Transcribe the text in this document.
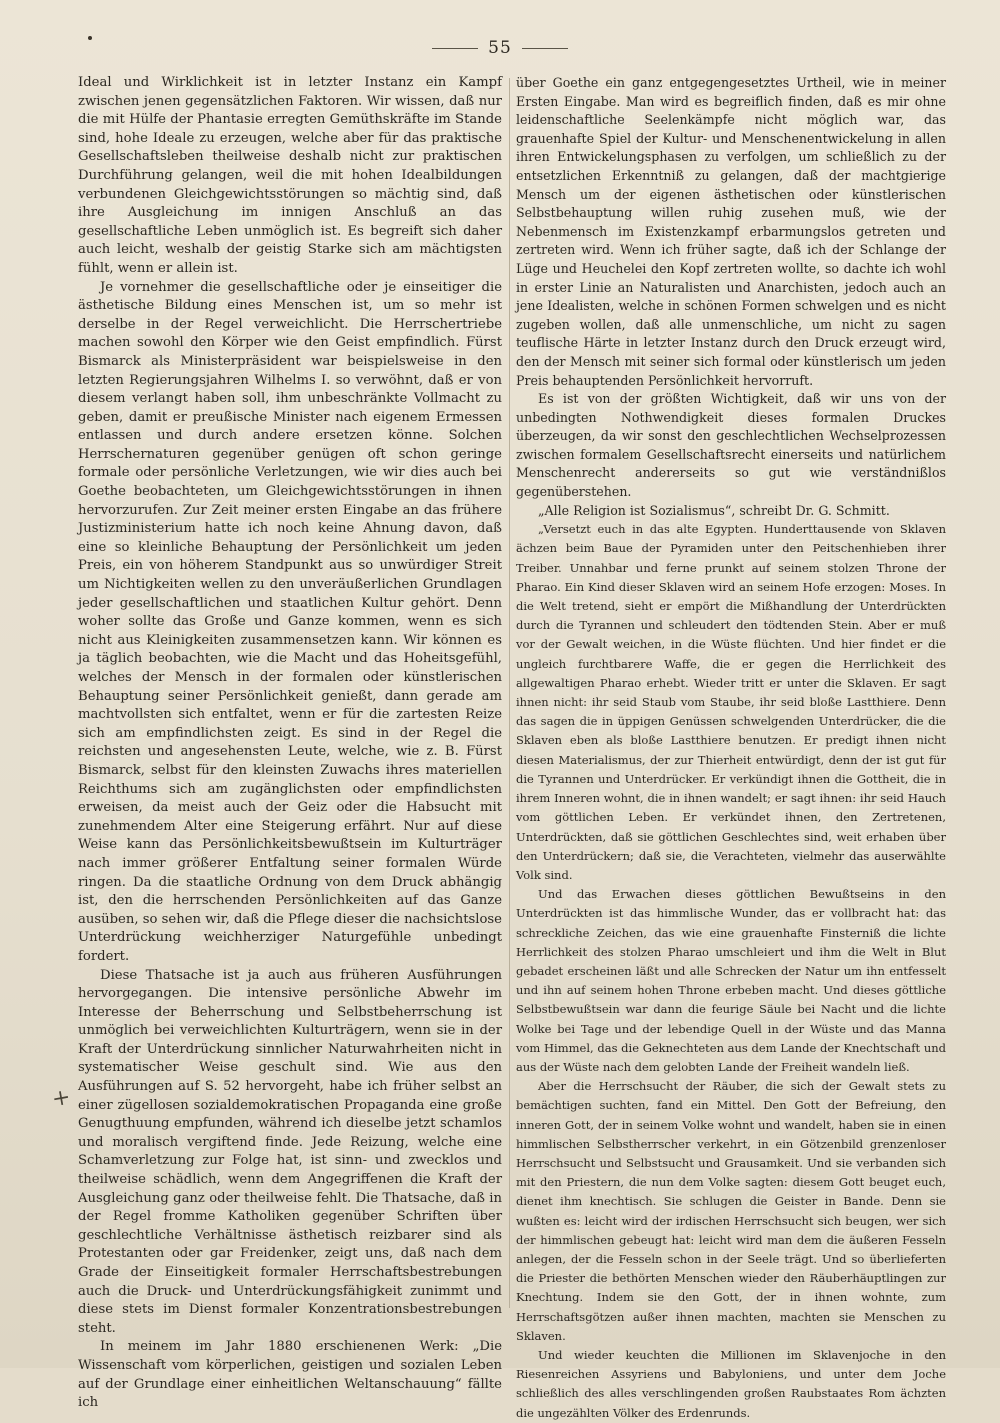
55
+

Ideal und Wirklichkeit ist in letzter Instanz ein Kampf zwischen jenen gegensätzlichen Faktoren. Wir wissen, daß nur die mit Hülfe der Phantasie erregten Gemüthskräfte im Stande sind, hohe Ideale zu erzeugen, welche aber für das praktische Gesellschaftsleben theilweise deshalb nicht zur praktischen Durchführung gelangen, weil die mit hohen Idealbildungen verbundenen Gleichgewichtsstörungen so mächtig sind, daß ihre Ausgleichung im innigen Anschluß an das gesellschaftliche Leben unmöglich ist. Es begreift sich daher auch leicht, weshalb der geistig Starke sich am mächtigsten fühlt, wenn er allein ist.

Je vornehmer die gesellschaftliche oder je einseitiger die ästhetische Bildung eines Menschen ist, um so mehr ist derselbe in der Regel verweichlicht. Die Herrschertriebe machen sowohl den Körper wie den Geist empfindlich. Fürst Bismarck als Ministerpräsident war beispielsweise in den letzten Regierungsjahren Wilhelms I. so verwöhnt, daß er von diesem verlangt haben soll, ihm unbeschränkte Vollmacht zu geben, damit er preußische Minister nach eigenem Ermessen entlassen und durch andere ersetzen könne. Solchen Herrschernaturen gegenüber genügen oft schon geringe formale oder persönliche Verletzungen, wie wir dies auch bei Goethe beobachteten, um Gleichgewichtsstörungen in ihnen hervorzurufen. Zur Zeit meiner ersten Eingabe an das frühere Justizministerium hatte ich noch keine Ahnung davon, daß eine so kleinliche Behauptung der Persönlichkeit um jeden Preis, ein von höherem Standpunkt aus so unwürdiger Streit um Nichtigkeiten wellen zu den unveräußerlichen Grundlagen jeder gesellschaftlichen und staatlichen Kultur gehört. Denn woher sollte das Große und Ganze kommen, wenn es sich nicht aus Kleinigkeiten zusammensetzen kann. Wir können es ja täglich beobachten, wie die Macht und das Hoheitsgefühl, welches der Mensch in der formalen oder künstlerischen Behauptung seiner Persönlichkeit genießt, dann gerade am machtvollsten sich entfaltet, wenn er für die zartesten Reize sich am empfindlichsten zeigt. Es sind in der Regel die reichsten und angesehensten Leute, welche, wie z. B. Fürst Bismarck, selbst für den kleinsten Zuwachs ihres materiellen Reichthums sich am zugänglichsten oder empfindlichsten erweisen, da meist auch der Geiz oder die Habsucht mit zunehmendem Alter eine Steigerung erfährt. Nur auf diese Weise kann das Persönlichkeitsbewußtsein im Kulturträger nach immer größerer Entfaltung seiner formalen Würde ringen. Da die staatliche Ordnung von dem Druck abhängig ist, den die herrschenden Persönlichkeiten auf das Ganze ausüben, so sehen wir, daß die Pflege dieser die nachsichtslose Unterdrückung weichherziger Naturgefühle unbedingt fordert.

Diese Thatsache ist ja auch aus früheren Ausführungen hervorgegangen. Die intensive persönliche Abwehr im Interesse der Beherrschung und Selbstbeherrschung ist unmöglich bei verweichlichten Kulturträgern, wenn sie in der Kraft der Unterdrückung sinnlicher Naturwahrheiten nicht in systematischer Weise geschult sind. Wie aus den Ausführungen auf S. 52 hervorgeht, habe ich früher selbst an einer zügellosen sozialdemokratischen Propaganda eine große Genugthuung empfunden, während ich dieselbe jetzt schamlos und moralisch vergiftend finde. Jede Reizung, welche eine Schamverletzung zur Folge hat, ist sinn- und zwecklos und theilweise schädlich, wenn dem Angegriffenen die Kraft der Ausgleichung ganz oder theilweise fehlt. Die Thatsache, daß in der Regel fromme Katholiken gegenüber Schriften über geschlechtliche Verhältnisse ästhetisch reizbarer sind als Protestanten oder gar Freidenker, zeigt uns, daß nach dem Grade der Einseitigkeit formaler Herrschaftsbestrebungen auch die Druck- und Unterdrückungsfähigkeit zunimmt und diese stets im Dienst formaler Konzentrationsbestrebungen steht.

In meinem im Jahr 1880 erschienenen Werk: „Die Wissenschaft vom körperlichen, geistigen und sozialen Leben auf der Grundlage einer einheitlichen Weltanschauung“ fällte ich

über Goethe ein ganz entgegengesetztes Urtheil, wie in meiner Ersten Eingabe. Man wird es begreiflich finden, daß es mir ohne leidenschaftliche Seelenkämpfe nicht möglich war, das grauenhafte Spiel der Kultur- und Menschenentwickelung in allen ihren Entwickelungsphasen zu verfolgen, um schließlich zu der entsetzlichen Erkenntniß zu gelangen, daß der machtgierige Mensch um der eigenen ästhetischen oder künstlerischen Selbstbehauptung willen ruhig zusehen muß, wie der Nebenmensch im Existenzkampf erbarmungslos getreten und zertreten wird. Wenn ich früher sagte, daß ich der Schlange der Lüge und Heuchelei den Kopf zertreten wollte, so dachte ich wohl in erster Linie an Naturalisten und Anarchisten, jedoch auch an jene Idealisten, welche in schönen Formen schwelgen und es nicht zugeben wollen, daß alle unmenschliche, um nicht zu sagen teuflische Härte in letzter Instanz durch den Druck erzeugt wird, den der Mensch mit seiner sich formal oder künstlerisch um jeden Preis behauptenden Persönlichkeit hervorruft.

Es ist von der größten Wichtigkeit, daß wir uns von der unbedingten Nothwendigkeit dieses formalen Druckes überzeugen, da wir sonst den geschlechtlichen Wechselprozessen zwischen formalem Gesellschaftsrecht einerseits und natürlichem Menschenrecht andererseits so gut wie verständnißlos gegenüberstehen.

„Alle Religion ist Sozialismus“, schreibt Dr. G. Schmitt.

„Versetzt euch in das alte Egypten. Hunderttausende von Sklaven ächzen beim Baue der Pyramiden unter den Peitschenhieben ihrer Treiber. Unnahbar und ferne prunkt auf seinem stolzen Throne der Pharao. Ein Kind dieser Sklaven wird an seinem Hofe erzogen: Moses. In die Welt tretend, sieht er empört die Mißhandlung der Unterdrückten durch die Tyrannen und schleudert den tödtenden Stein. Aber er muß vor der Gewalt weichen, in die Wüste flüchten. Und hier findet er die ungleich furchtbarere Waffe, die er gegen die Herrlichkeit des allgewaltigen Pharao erhebt. Wieder tritt er unter die Sklaven. Er sagt ihnen nicht: ihr seid Staub vom Staube, ihr seid bloße Lastthiere. Denn das sagen die in üppigen Genüssen schwelgenden Unterdrücker, die die Sklaven eben als bloße Lastthiere benutzen. Er predigt ihnen nicht diesen Materialismus, der zur Thierheit entwürdigt, denn der ist gut für die Tyrannen und Unterdrücker. Er verkündigt ihnen die Gottheit, die in ihrem Inneren wohnt, die in ihnen wandelt; er sagt ihnen: ihr seid Hauch vom göttlichen Leben. Er verkündet ihnen, den Zertretenen, Unterdrückten, daß sie göttlichen Geschlechtes sind, weit erhaben über den Unterdrückern; daß sie, die Verachteten, vielmehr das auserwählte Volk sind.

Und das Erwachen dieses göttlichen Bewußtseins in den Unterdrückten ist das himmlische Wunder, das er vollbracht hat: das schreckliche Zeichen, das wie eine grauenhafte Finsterniß die lichte Herrlichkeit des stolzen Pharao umschleiert und ihm die Welt in Blut gebadet erscheinen läßt und alle Schrecken der Natur um ihn entfesselt und ihn auf seinem hohen Throne erbeben macht. Und dieses göttliche Selbstbewußtsein war dann die feurige Säule bei Nacht und die lichte Wolke bei Tage und der lebendige Quell in der Wüste und das Manna vom Himmel, das die Geknechteten aus dem Lande der Knechtschaft und aus der Wüste nach dem gelobten Lande der Freiheit wandeln ließ.

Aber die Herrschsucht der Räuber, die sich der Gewalt stets zu bemächtigen suchten, fand ein Mittel. Den Gott der Befreiung, den inneren Gott, der in seinem Volke wohnt und wandelt, haben sie in einen himmlischen Selbstherrscher verkehrt, in ein Götzenbild grenzenloser Herrschsucht und Selbstsucht und Grausamkeit. Und sie verbanden sich mit den Priestern, die nun dem Volke sagten: diesem Gott beuget euch, dienet ihm knechtisch. Sie schlugen die Geister in Bande. Denn sie wußten es: leicht wird der irdischen Herrschsucht sich beugen, wer sich der himmlischen gebeugt hat: leicht wird man dem die äußeren Fesseln anlegen, der die Fesseln schon in der Seele trägt. Und so überlieferten die Priester die bethörten Menschen wieder den Räuberhäuptlingen zur Knechtung. Indem sie den Gott, der in ihnen wohnte, zum Herrschaftsgötzen außer ihnen machten, machten sie Menschen zu Sklaven.

Und wieder keuchten die Millionen im Sklavenjoche in den Riesenreichen Assyriens und Babyloniens, und unter dem Joche schließlich des alles verschlingenden großen Raubstaates Rom ächzten die ungezählten Völker des Erdenrunds.
